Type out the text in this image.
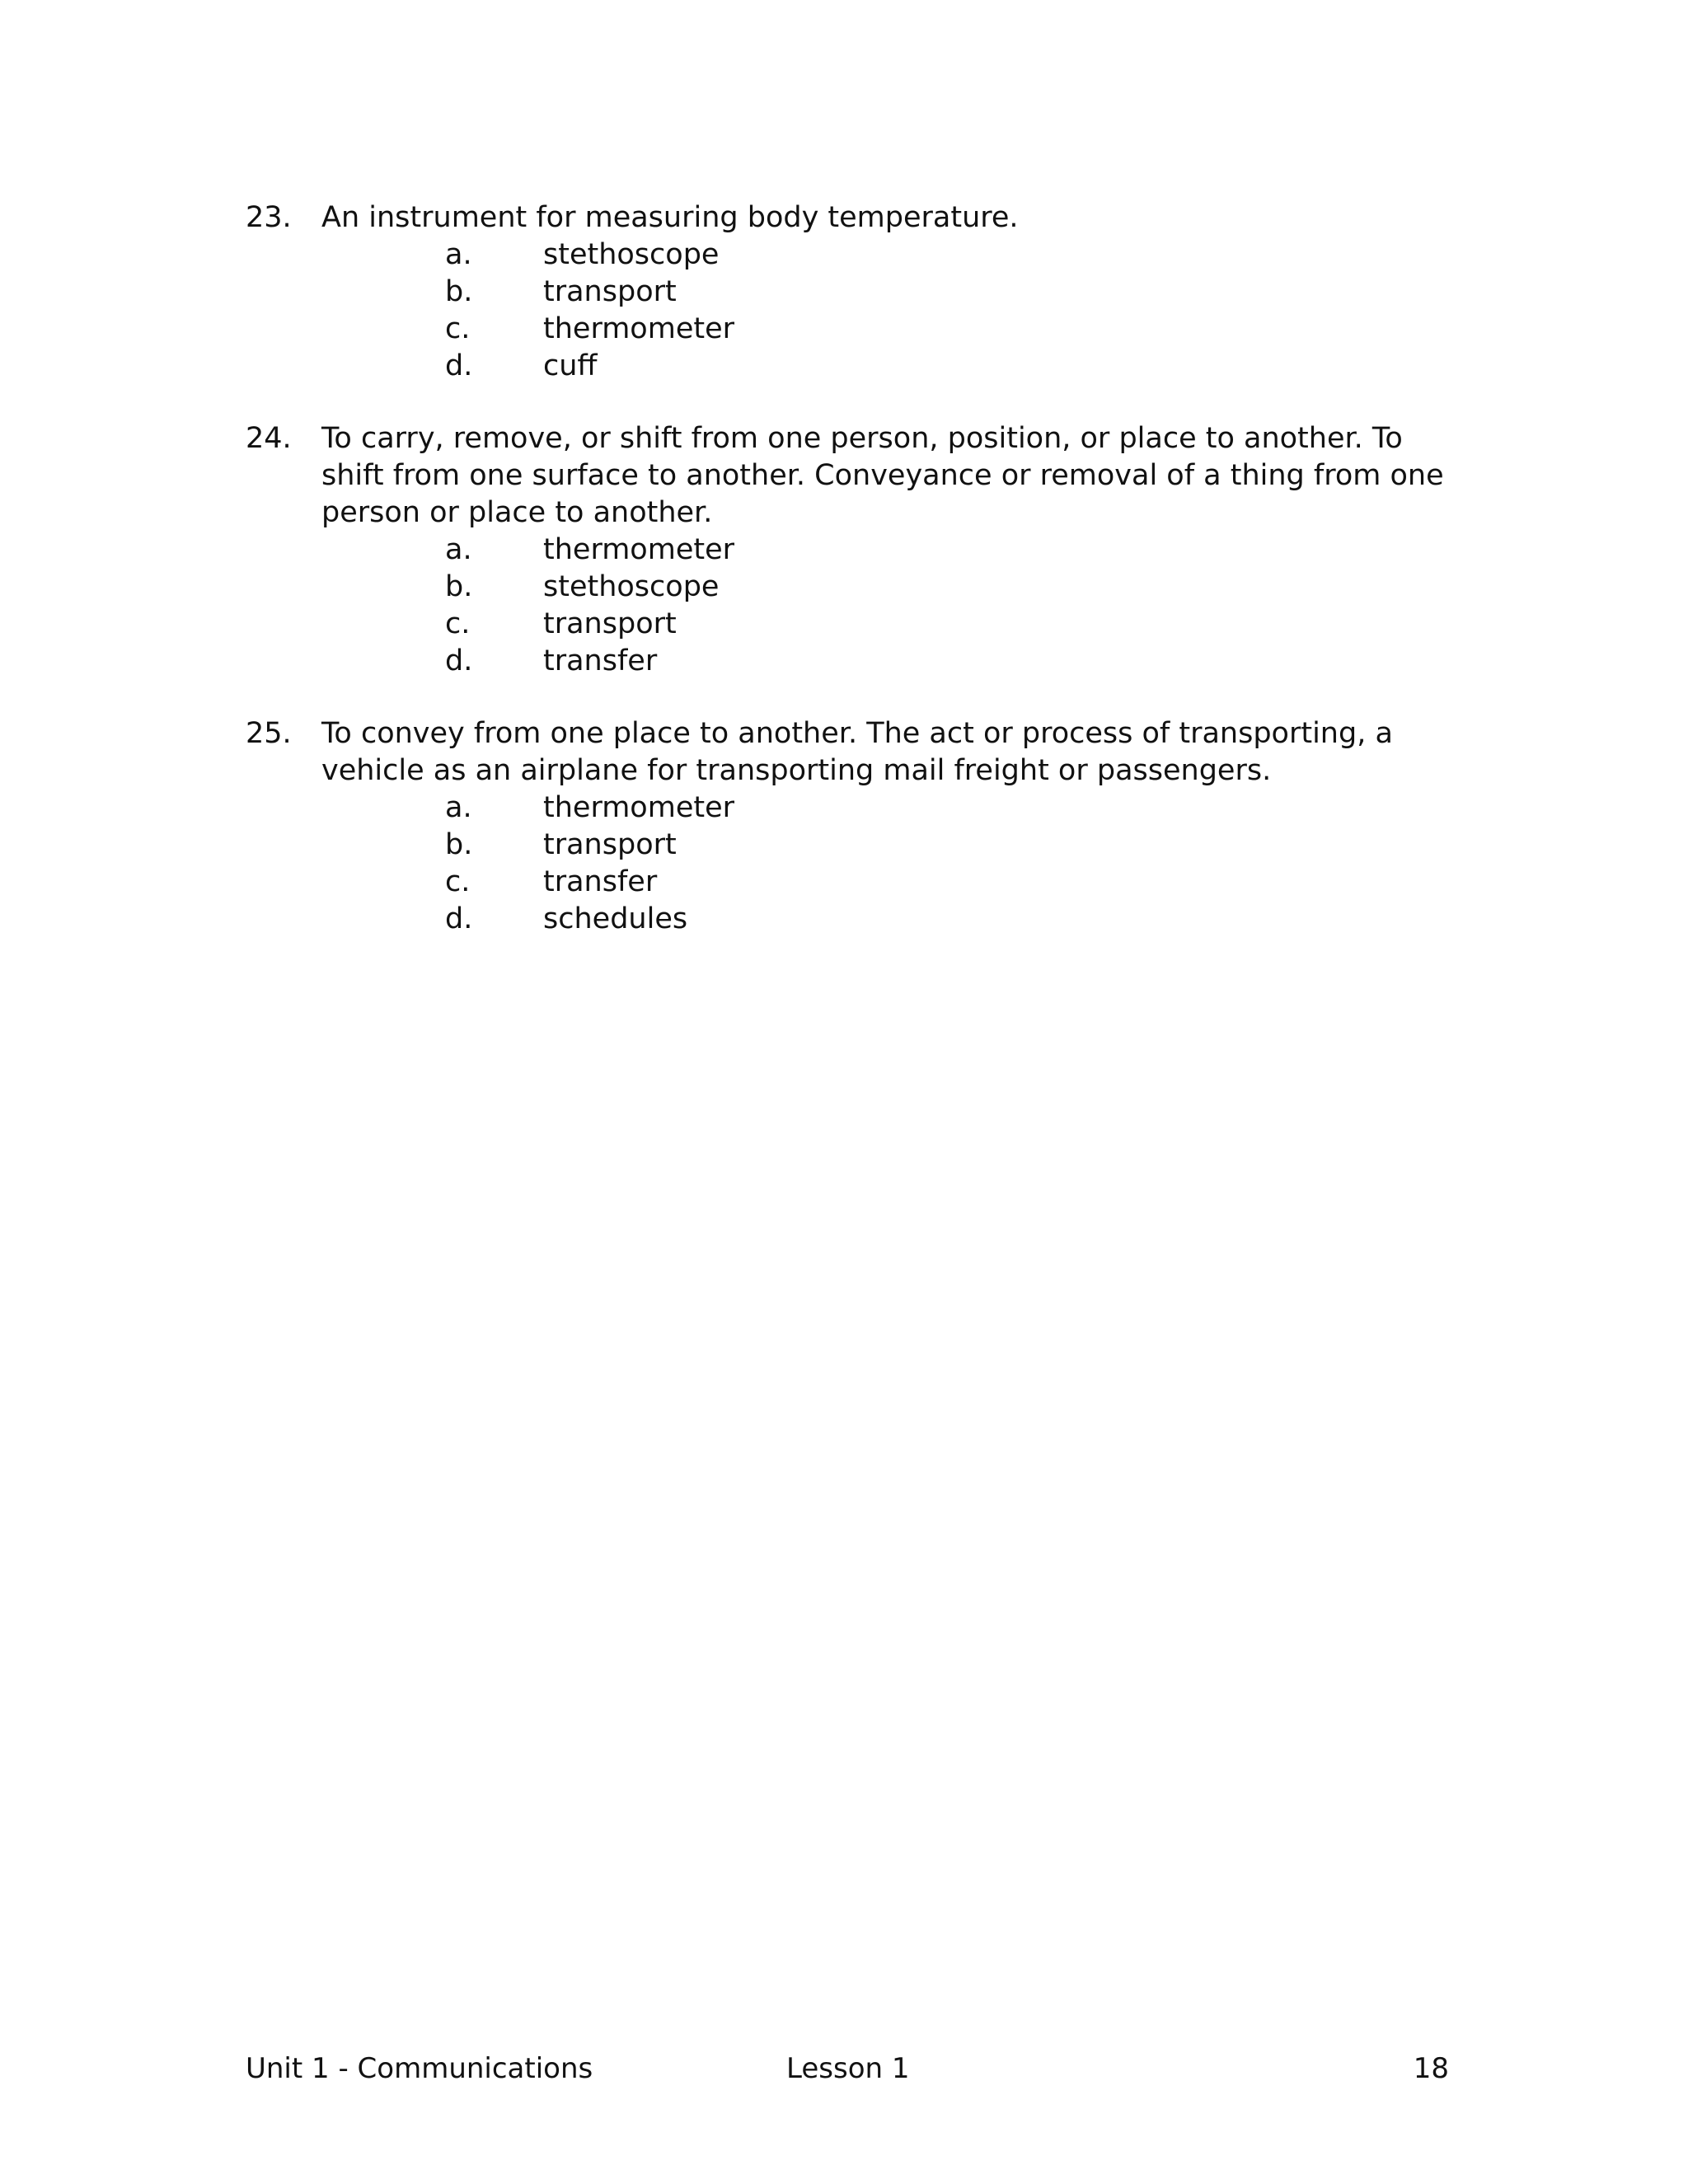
23. An instrument for measuring body temperature.
a. stethoscope
b. transport
c.	thermometer
d. cuff
24. To carry, remove, or shift from one person, position, or place to another. To shift from one surface to another. Conveyance or removal of a thing from one person or place to another.
a. thermometer
b. stethoscope
c.	transport
d. transfer
25. To convey from one place to another. The act or process of transporting, a vehicle as an airplane for transporting mail freight or passengers.
a. thermometer
b. transport
c.	transfer
d. schedules
Unit 1 - Communications	Lesson 1	18
